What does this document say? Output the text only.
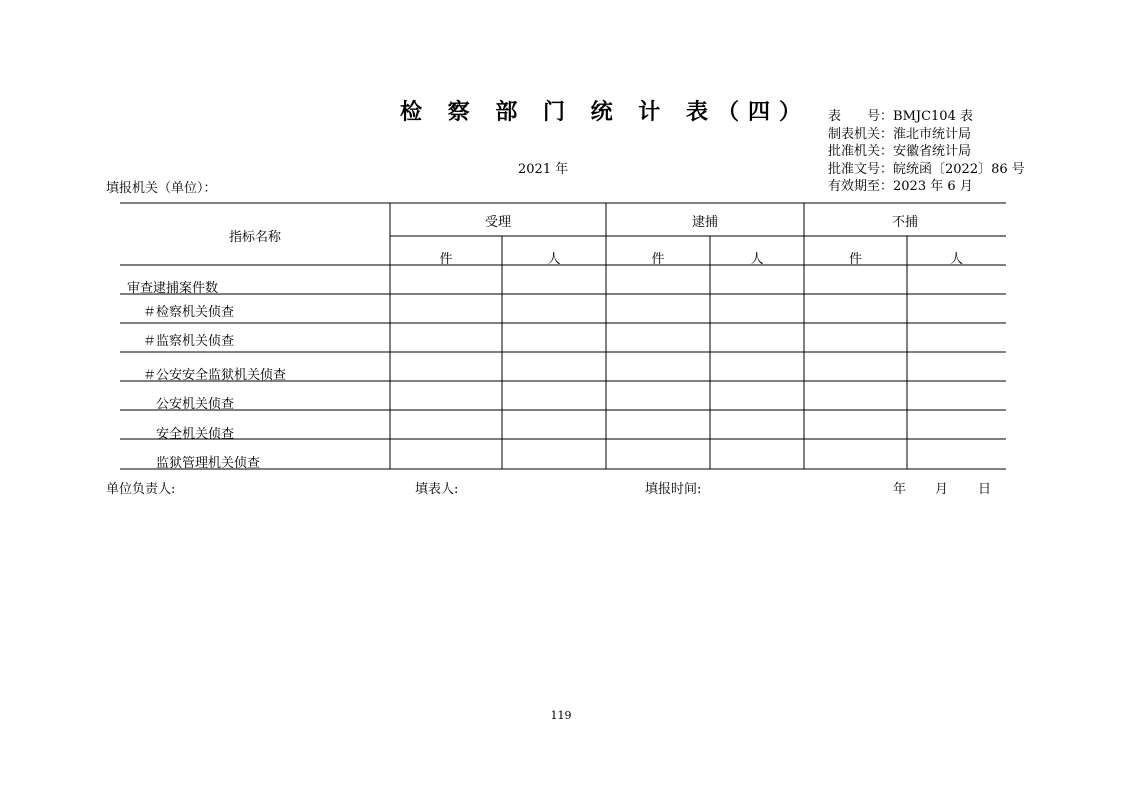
检 察 部 门 统 计 表（四） 表　　号：BMJC104 表
制表机关：淮北市统计局
批准机关：安徽省统计局
批准文号：皖统函〔2022〕86 号
有效期至：2023 年 6 月
2021 年
填报机关（单位）：
指标名称
受理	逮捕	不捕
件	人	件	人	件	人
审查逮捕案件数
＃检察机关侦查
＃监察机关侦查
＃公安安全监狱机关侦查
公安机关侦查
安全机关侦查
监狱管理机关侦查
单位负责人:	填表人:	填报时间:	年 月 日
119
